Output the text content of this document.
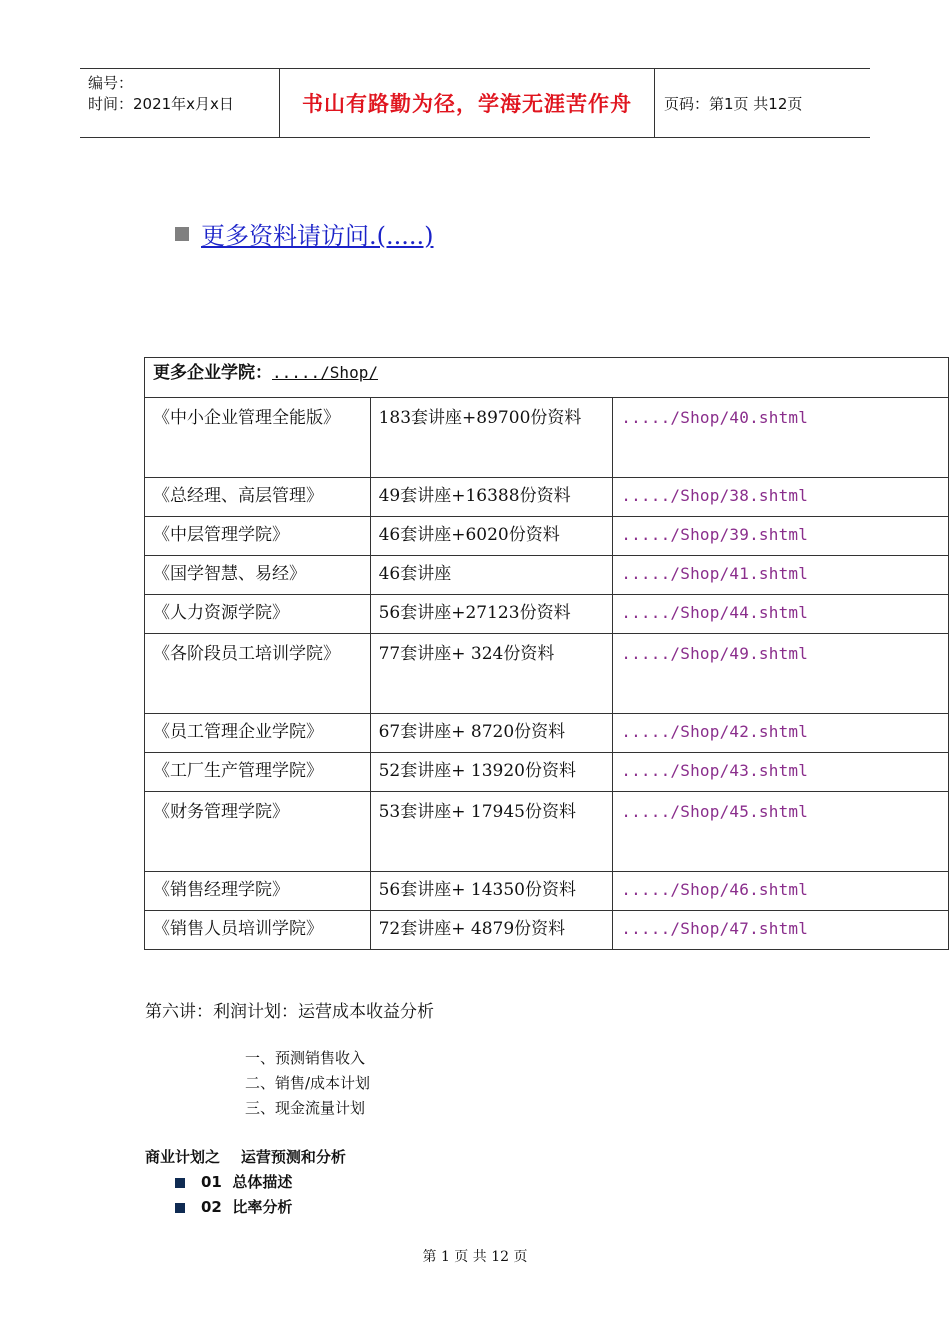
编号：
时间：2021年x月x日	书山有路勤为径，学海无涯苦作舟	页码：第1页 共12页
更多资料请访问.(.....)
更多企业学院：...../Shop/		
《中小企业管理全能版》	183套讲座+89700份资料	...../Shop/40.shtml
《总经理、高层管理》	49套讲座+16388份资料	...../Shop/38.shtml
《中层管理学院》	46套讲座+6020份资料	...../Shop/39.shtml
《国学智慧、易经》	46套讲座	...../Shop/41.shtml
《人力资源学院》	56套讲座+27123份资料	...../Shop/44.shtml
《各阶段员工培训学院》	77套讲座+ 324份资料	...../Shop/49.shtml
《员工管理企业学院》	67套讲座+ 8720份资料	...../Shop/42.shtml
《工厂生产管理学院》	52套讲座+ 13920份资料	...../Shop/43.shtml
《财务管理学院》	53套讲座+ 17945份资料	...../Shop/45.shtml
《销售经理学院》	56套讲座+ 14350份资料	...../Shop/46.shtml
《销售人员培训学院》	72套讲座+ 4879份资料	...../Shop/47.shtml
第六讲：利润计划：运营成本收益分析
一、预测销售收入
二、销售/成本计划
三、现金流量计划
商业计划之    运营预测和分析
01  总体描述
02  比率分析
第 1 页 共 12 页
